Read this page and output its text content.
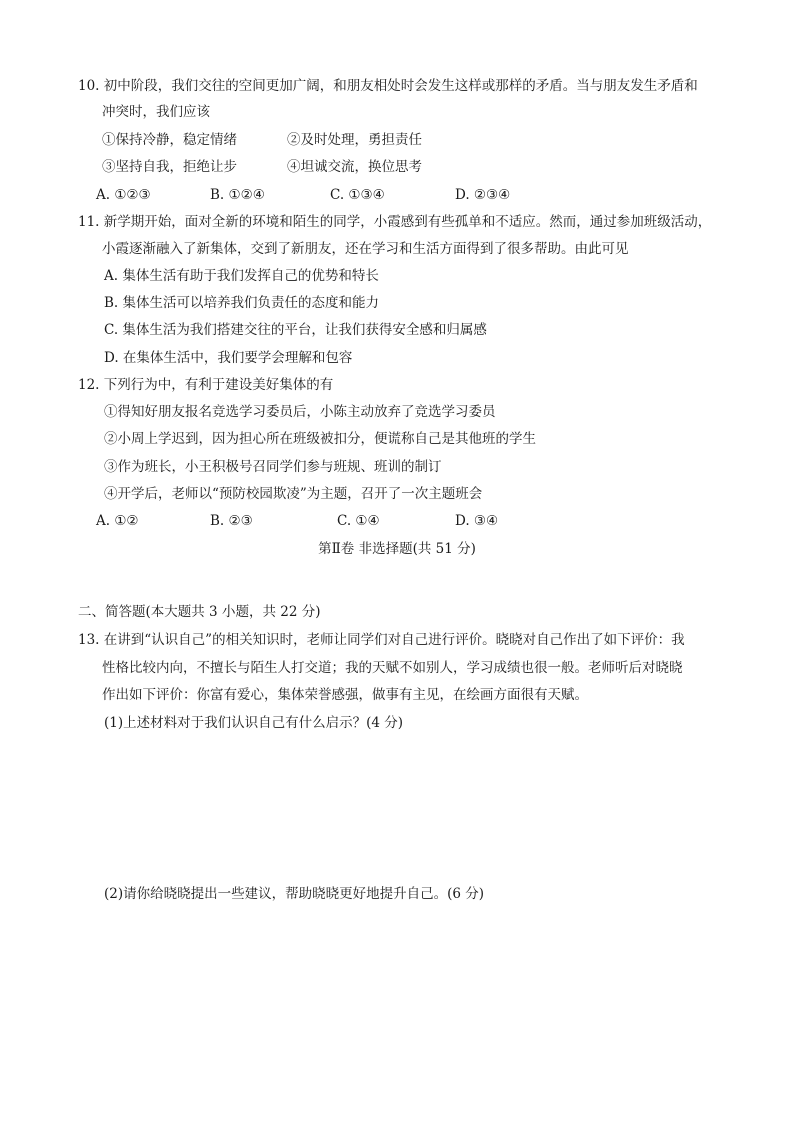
10. 初中阶段，我们交往的空间更加广阔，和朋友相处时会发生这样或那样的矛盾。当与朋友发生矛盾和
冲突时，我们应该
①保持冷静，稳定情绪	②及时处理，勇担责任
③坚持自我，拒绝让步	④坦诚交流，换位思考
A. ①②③	B. ①②④	C. ①③④	D. ②③④
11. 新学期开始，面对全新的环境和陌生的同学，小霞感到有些孤单和不适应。然而，通过参加班级活动，
小霞逐渐融入了新集体，交到了新朋友，还在学习和生活方面得到了很多帮助。由此可见
A. 集体生活有助于我们发挥自己的优势和特长
B. 集体生活可以培养我们负责任的态度和能力
C. 集体生活为我们搭建交往的平台，让我们获得安全感和归属感
D. 在集体生活中，我们要学会理解和包容
12. 下列行为中，有利于建设美好集体的有
①得知好朋友报名竞选学习委员后，小陈主动放弃了竞选学习委员
②小周上学迟到，因为担心所在班级被扣分，便谎称自己是其他班的学生
③作为班长，小王积极号召同学们参与班规、班训的制订
④开学后，老师以“预防校园欺凌”为主题，召开了一次主题班会
A. ①②	B. ②③	C. ①④	D. ③④
第Ⅱ卷 非选择题(共 51 分)
二、简答题(本大题共 3 小题，共 22 分)
13. 在讲到“认识自己”的相关知识时，老师让同学们对自己进行评价。晓晓对自己作出了如下评价：我
性格比较内向，不擅长与陌生人打交道；我的天赋不如别人，学习成绩也很一般。老师听后对晓晓
作出如下评价：你富有爱心，集体荣誉感强，做事有主见，在绘画方面很有天赋。
(1)上述材料对于我们认识自己有什么启示？(4 分)
(2)请你给晓晓提出一些建议，帮助晓晓更好地提升自己。(6 分)
